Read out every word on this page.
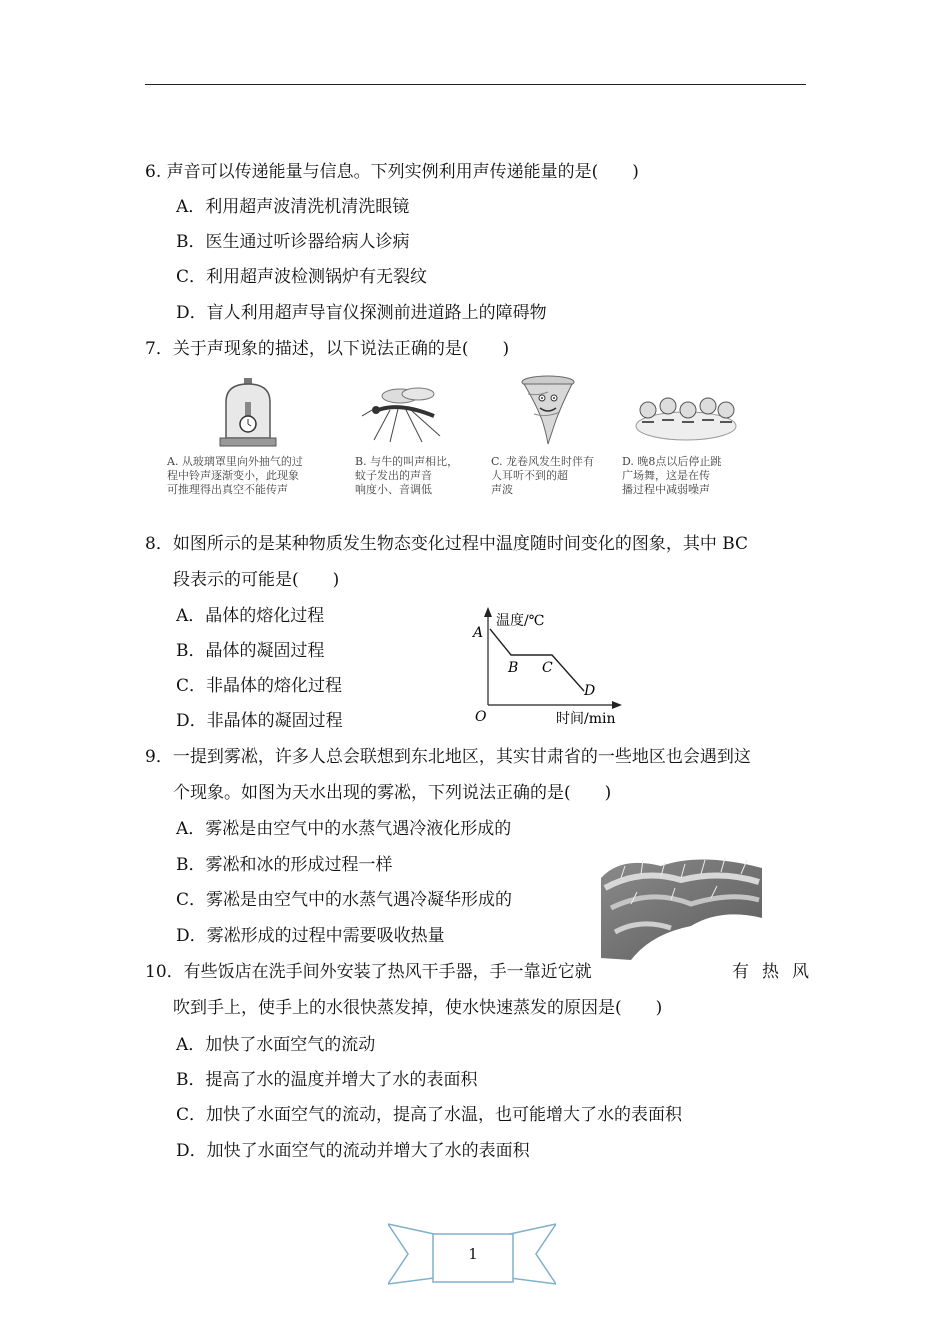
6. 声音可以传递能量与信息。下列实例利用声传递能量的是(　　)
A．利用超声波清洗机清洗眼镜
B．医生通过听诊器给病人诊病
C．利用超声波检测锅炉有无裂纹
D．盲人利用超声导盲仪探测前进道路上的障碍物
7．关于声现象的描述，以下说法正确的是(　　)
A. 从玻璃罩里向外抽气的过
程中铃声逐渐变小，此现象
可推理得出真空不能传声
B. 与牛的叫声相比，
蚊子发出的声音
响度小、音调低
C. 龙卷风发生时伴有
人耳听不到的超
声波
D. 晚8点以后停止跳
广场舞，这是在传
播过程中减弱噪声
8．如图所示的是某种物质发生物态变化过程中温度随时间变化的图象，其中 BC
段表示的可能是(　　)
A．晶体的熔化过程
B．晶体的凝固过程
C．非晶体的熔化过程
D．非晶体的凝固过程
温度/℃
时间/min
O
A
B C
D
9．一提到雾凇，许多人总会联想到东北地区，其实甘肃省的一些地区也会遇到这
个现象。如图为天水出现的雾凇，下列说法正确的是(　　)
A．雾凇是由空气中的水蒸气遇冷液化形成的
B．雾凇和冰的形成过程一样
C．雾凇是由空气中的水蒸气遇冷凝华形成的
D．雾凇形成的过程中需要吸收热量
10．有些饭店在洗手间外安装了热风干手器，手一靠近它就	有热风
吹到手上，使手上的水很快蒸发掉，使水快速蒸发的原因是(　　)
A．加快了水面空气的流动
B．提高了水的温度并增大了水的表面积
C．加快了水面空气的流动，提高了水温，也可能增大了水的表面积
D．加快了水面空气的流动并增大了水的表面积
1
